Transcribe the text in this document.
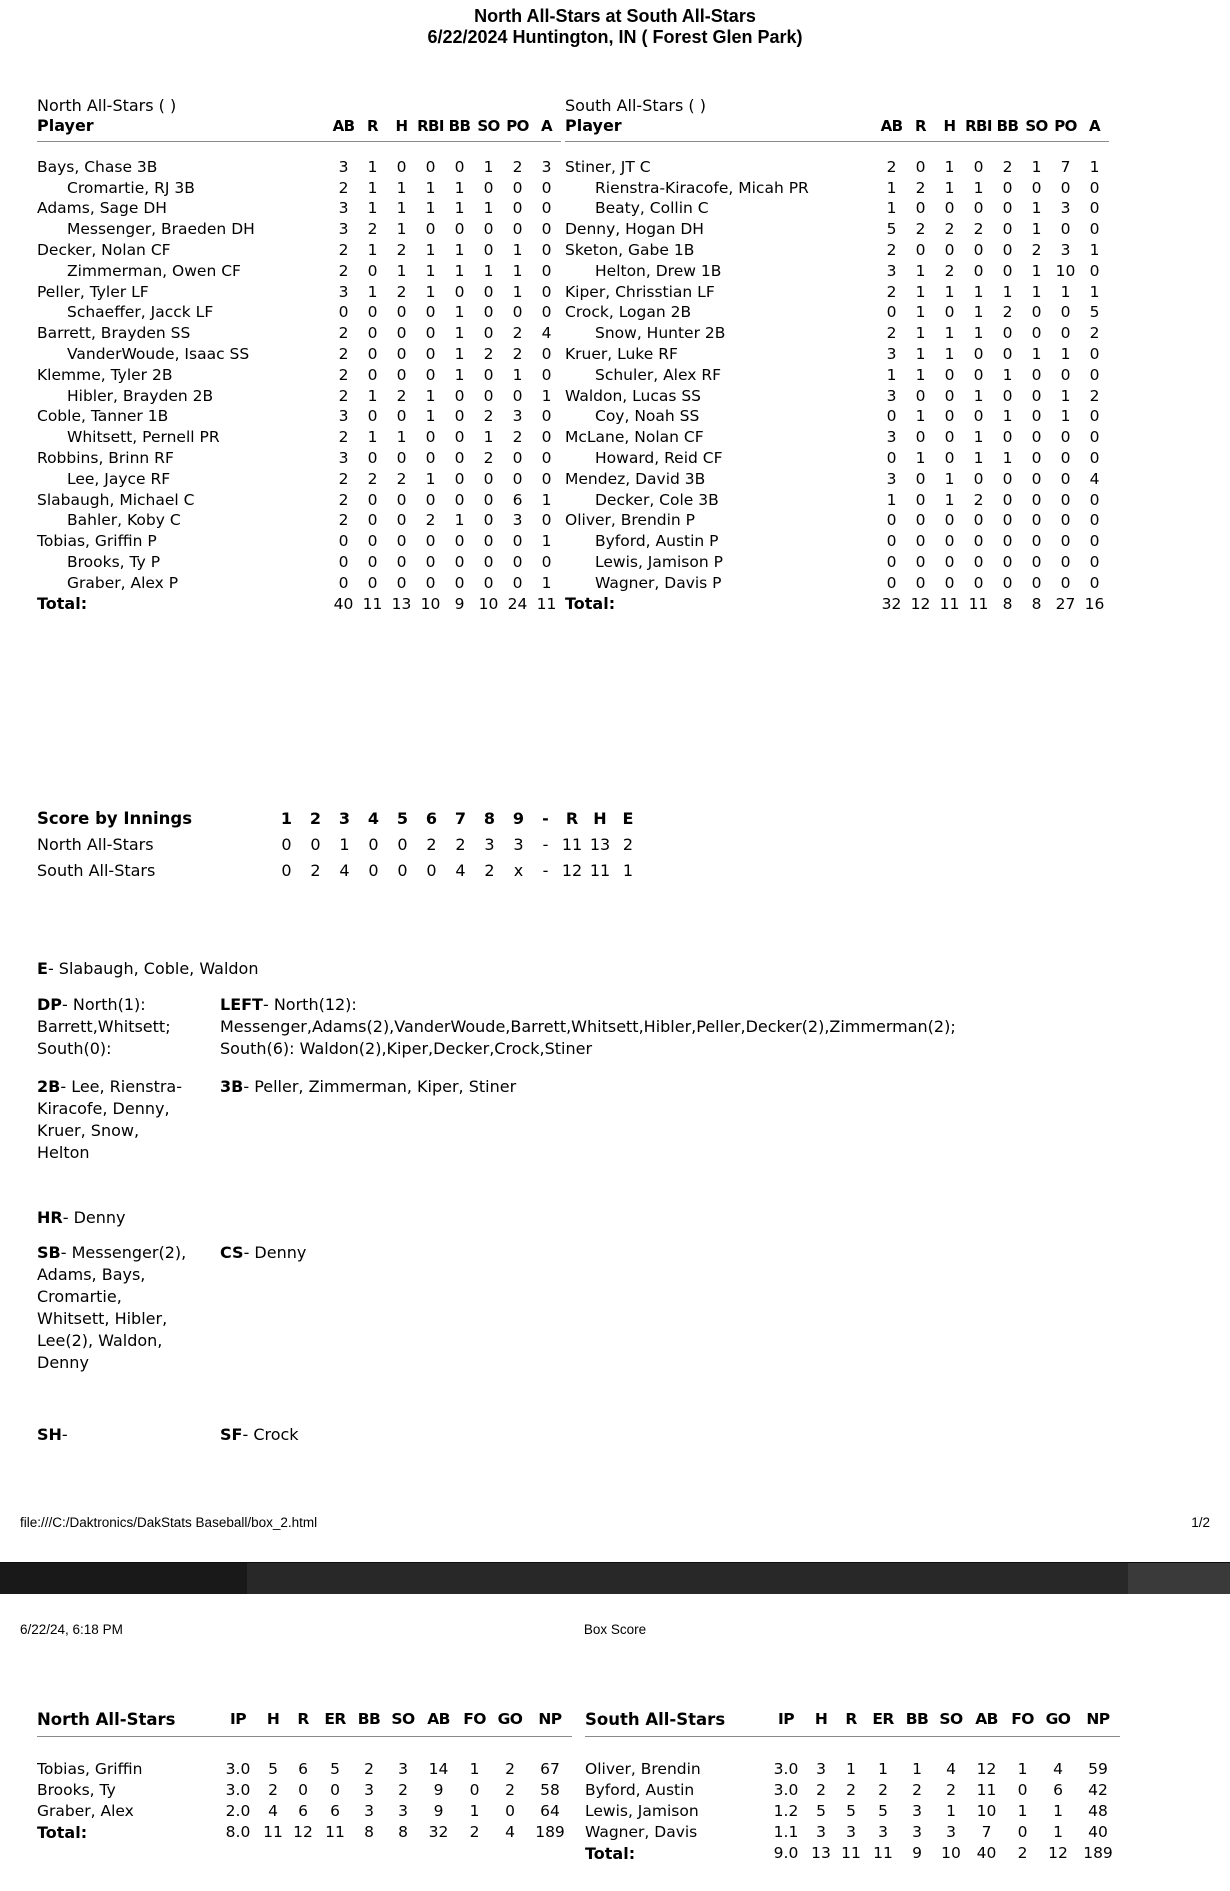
North All-Stars at South All-Stars
6/22/2024 Huntington, IN ( Forest Glen Park)
North All-Stars ( )
Player	AB	R	H	RBI	BB	SO	PO	A
Bays, Chase 3B	3	1	0	0	0	1	2	3
Cromartie, RJ 3B	2	1	1	1	1	0	0	0
Adams, Sage DH	3	1	1	1	1	1	0	0
Messenger, Braeden DH	3	2	1	0	0	0	0	0
Decker, Nolan CF	2	1	2	1	1	0	1	0
Zimmerman, Owen CF	2	0	1	1	1	1	1	0
Peller, Tyler LF	3	1	2	1	0	0	1	0
Schaeffer, Jacck LF	0	0	0	0	1	0	0	0
Barrett, Brayden SS	2	0	0	0	1	0	2	4
VanderWoude, Isaac SS	2	0	0	0	1	2	2	0
Klemme, Tyler 2B	2	0	0	0	1	0	1	0
Hibler, Brayden 2B	2	1	2	1	0	0	0	1
Coble, Tanner 1B	3	0	0	1	0	2	3	0
Whitsett, Pernell PR	2	1	1	0	0	1	2	0
Robbins, Brinn RF	3	0	0	0	0	2	0	0
Lee, Jayce RF	2	2	2	1	0	0	0	0
Slabaugh, Michael C	2	0	0	0	0	0	6	1
Bahler, Koby C	2	0	0	2	1	0	3	0
Tobias, Griffin P	0	0	0	0	0	0	0	1
Brooks, Ty P	0	0	0	0	0	0	0	0
Graber, Alex P	0	0	0	0	0	0	0	1
Total:	40	11	13	10	9	10	24	11
South All-Stars ( )
Player	AB	R	H	RBI	BB	SO	PO	A
Stiner, JT C	2	0	1	0	2	1	7	1
Rienstra-Kiracofe, Micah PR	1	2	1	1	0	0	0	0
Beaty, Collin C	1	0	0	0	0	1	3	0
Denny, Hogan DH	5	2	2	2	0	1	0	0
Sketon, Gabe 1B	2	0	0	0	0	2	3	1
Helton, Drew 1B	3	1	2	0	0	1	10	0
Kiper, Chrisstian LF	2	1	1	1	1	1	1	1
Crock, Logan 2B	0	1	0	1	2	0	0	5
Snow, Hunter 2B	2	1	1	1	0	0	0	2
Kruer, Luke RF	3	1	1	0	0	1	1	0
Schuler, Alex RF	1	1	0	0	1	0	0	0
Waldon, Lucas SS	3	0	0	1	0	0	1	2
Coy, Noah SS	0	1	0	0	1	0	1	0
McLane, Nolan CF	3	0	0	1	0	0	0	0
Howard, Reid CF	0	1	0	1	1	0	0	0
Mendez, David 3B	3	0	1	0	0	0	0	4
Decker, Cole 3B	1	0	1	2	0	0	0	0
Oliver, Brendin P	0	0	0	0	0	0	0	0
Byford, Austin P	0	0	0	0	0	0	0	0
Lewis, Jamison P	0	0	0	0	0	0	0	0
Wagner, Davis P	0	0	0	0	0	0	0	0
Total:	32	12	11	11	8	8	27	16
Score by Innings	1	2	3	4	5	6	7	8	9	-	R	H	E
North All-Stars	0	0	1	0	0	2	2	3	3	-	11	13	2
South All-Stars	0	2	4	0	0	0	4	2	x	-	12	11	1
E- Slabaugh, Coble, Waldon
DP- North(1):
Barrett,Whitsett;
South(0):
LEFT- North(12):
Messenger,Adams(2),VanderWoude,Barrett,Whitsett,Hibler,Peller,Decker(2),Zimmerman(2);
South(6): Waldon(2),Kiper,Decker,Crock,Stiner
2B- Lee, Rienstra-Kiracofe, Denny, Kruer, Snow, Helton
3B- Peller, Zimmerman, Kiper, Stiner
HR- Denny
SB- Messenger(2), Adams, Bays, Cromartie, Whitsett, Hibler, Lee(2), Waldon, Denny
CS- Denny
SH-	SF- Crock
file:///C:/Daktronics/DakStats Baseball/box_2.html	1/2
6/22/24, 6:18 PM	Box Score
North All-Stars	IP	H	R	ER	BB	SO	AB	FO	GO	NP
Tobias, Griffin	3.0	5	6	5	2	3	14	1	2	67
Brooks, Ty	3.0	2	0	0	3	2	9	0	2	58
Graber, Alex	2.0	4	6	6	3	3	9	1	0	64
Total:	8.0	11	12	11	8	8	32	2	4	189
South All-Stars	IP	H	R	ER	BB	SO	AB	FO	GO	NP
Oliver, Brendin	3.0	3	1	1	1	4	12	1	4	59
Byford, Austin	3.0	2	2	2	2	2	11	0	6	42
Lewis, Jamison	1.2	5	5	5	3	1	10	1	1	48
Wagner, Davis	1.1	3	3	3	3	3	7	0	1	40
Total:	9.0	13	11	11	9	10	40	2	12	189
